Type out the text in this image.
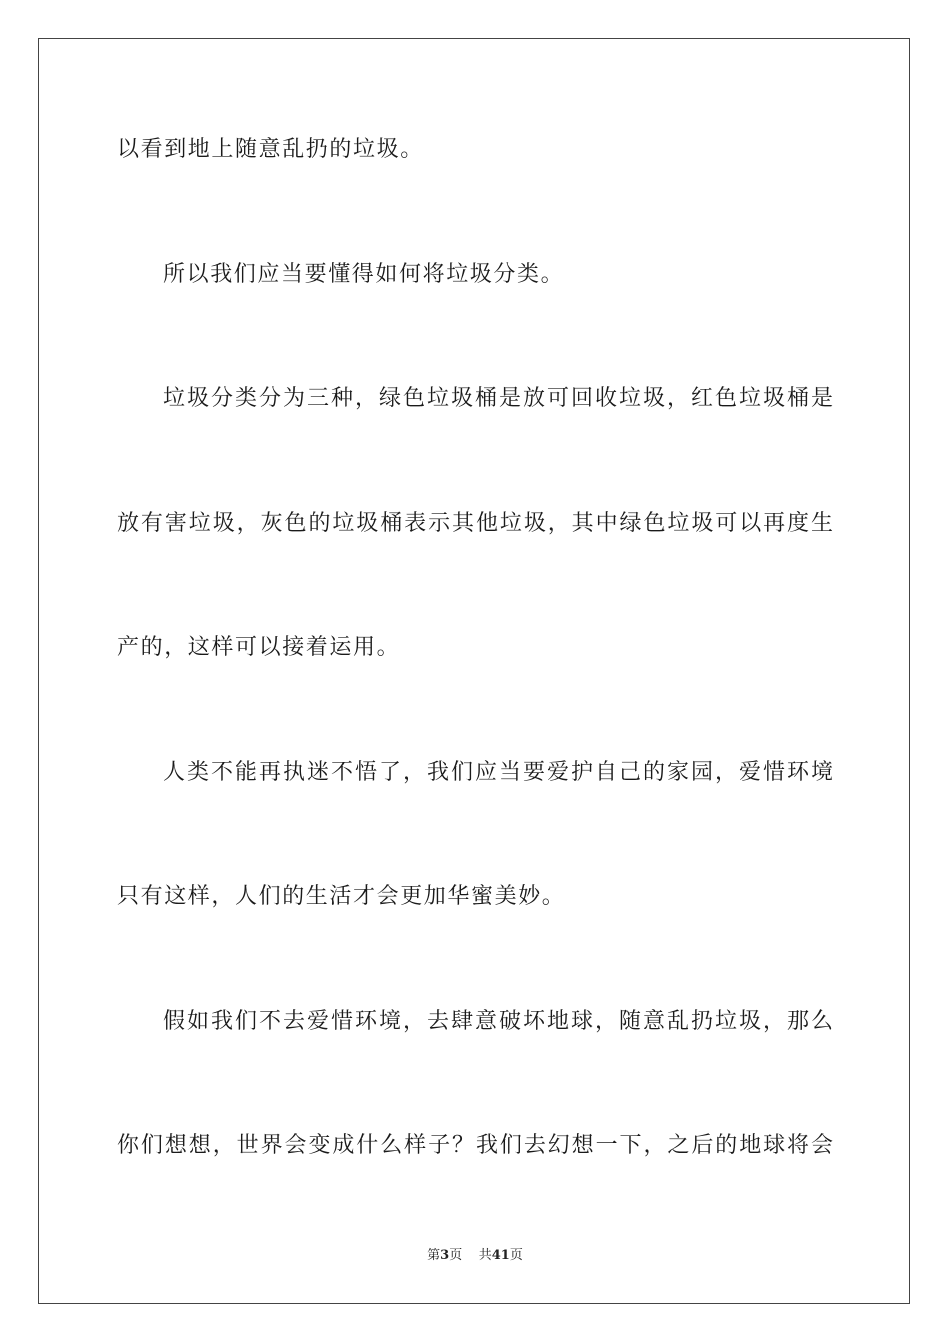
以看到地上随意乱扔的垃圾。
所以我们应当要懂得如何将垃圾分类。
垃圾分类分为三种，绿色垃圾桶是放可回收垃圾，红色垃圾桶是
放有害垃圾，灰色的垃圾桶表示其他垃圾，其中绿色垃圾可以再度生
产的，这样可以接着运用。
人类不能再执迷不悟了，我们应当要爱护自己的家园，爱惜环境
只有这样，人们的生活才会更加华蜜美妙。
假如我们不去爱惜环境，去肆意破坏地球，随意乱扔垃圾，那么
你们想想，世界会变成什么样子？我们去幻想一下，之后的地球将会
第3页 共41页
